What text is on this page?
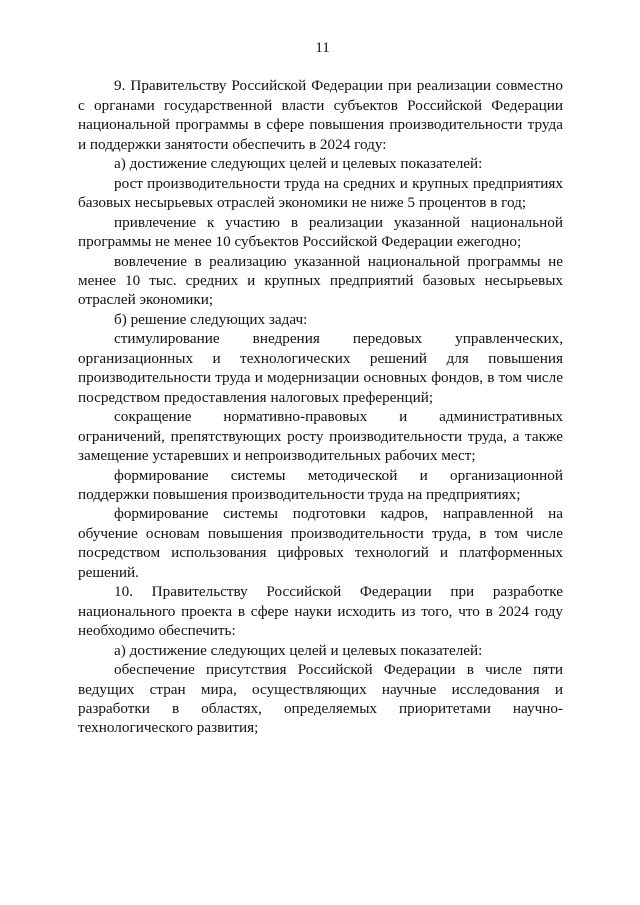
11

9. Правительству Российской Федерации при реализации совместно с органами государственной власти субъектов Российской Федерации национальной программы в сфере повышения производительности труда и поддержки занятости обеспечить в 2024 году:

а) достижение следующих целей и целевых показателей:

рост производительности труда на средних и крупных предприятиях базовых несырьевых отраслей экономики не ниже 5 процентов в год;

привлечение к участию в реализации указанной национальной программы не менее 10 субъектов Российской Федерации ежегодно;

вовлечение в реализацию указанной национальной программы не менее 10 тыс. средних и крупных предприятий базовых несырьевых отраслей экономики;

б) решение следующих задач:

стимулирование внедрения передовых управленческих, организационных и технологических решений для повышения производительности труда и модернизации основных фондов, в том числе посредством предоставления налоговых преференций;

сокращение нормативно-правовых и административных ограничений, препятствующих росту производительности труда, а также замещение устаревших и непроизводительных рабочих мест;

формирование системы методической и организационной поддержки повышения производительности труда на предприятиях;

формирование системы подготовки кадров, направленной на обучение основам повышения производительности труда, в том числе посредством использования цифровых технологий и платформенных решений.

10. Правительству Российской Федерации при разработке национального проекта в сфере науки исходить из того, что в 2024 году необходимо обеспечить:

а) достижение следующих целей и целевых показателей:

обеспечение присутствия Российской Федерации в числе пяти ведущих стран мира, осуществляющих научные исследования и разработки в областях, определяемых приоритетами научно-технологического развития;
